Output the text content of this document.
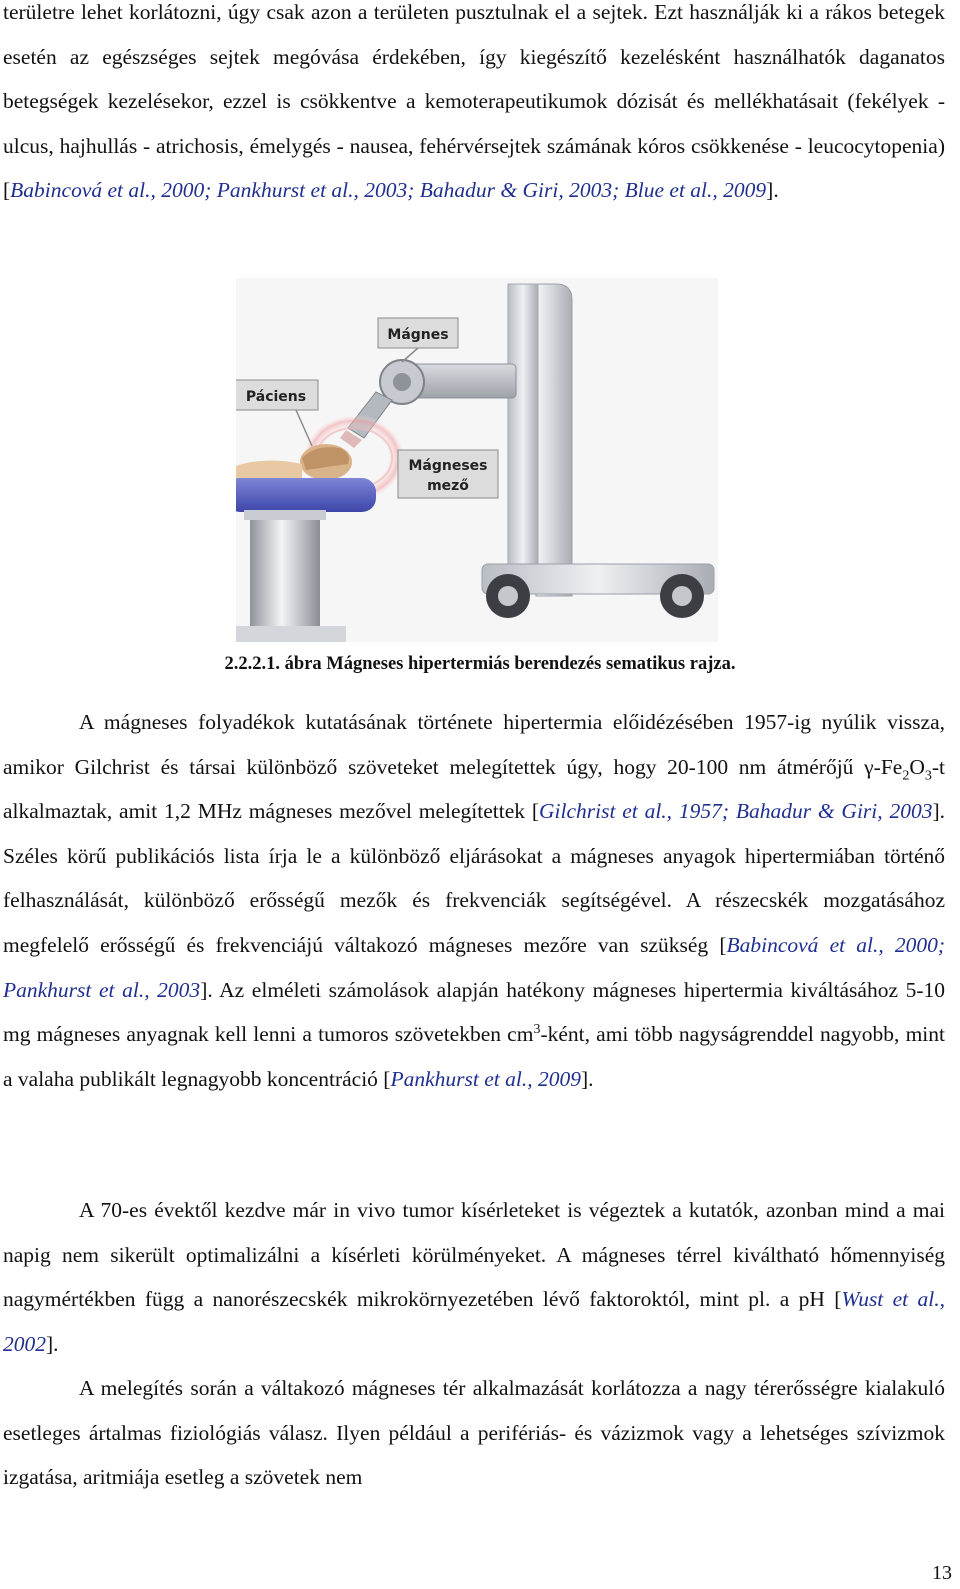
területre lehet korlátozni, úgy csak azon a területen pusztulnak el a sejtek. Ezt használják ki a rákos betegek esetén az egészséges sejtek megóvása érdekében, így kiegészítő kezelésként használhatók daganatos betegségek kezelésekor, ezzel is csökkentve a kemoterapeutikumok dózisát és mellékhatásait (fekélyek - ulcus, hajhullás - atrichosis, émelygés - nausea, fehérvérsejtek számának kóros csökkenése - leucocytopenia) [Babincová et al., 2000; Pankhurst et al., 2003; Bahadur & Giri, 2003; Blue et al., 2009].

Mágnes
Páciens
Mágneses
mező
2.2.2.1. ábra Mágneses hipertermiás berendezés sematikus rajza.

A mágneses folyadékok kutatásának története hipertermia előidézésében 1957-ig nyúlik vissza, amikor Gilchrist és társai különböző szöveteket melegítettek úgy, hogy 20-100 nm átmérőjű $\gamma-Fe_2O_3-t$ alkalmaztak, amit 1,2 MHz mágneses mezővel melegítettek [Gilchrist et al., 1957; Bahadur & Giri, 2003]. Széles körű publikációs lista írja le a különböző eljárásokat a mágneses anyagok hipertermiában történő felhasználását, különböző erősségű mezők és frekvenciák segítségével. A részecskék mozgatásához megfelelő erősségű és frekvenciájú váltakozó mágneses mezőre van szükség [Babincová et al., 2000; Pankhurst et al., 2003]. Az elméleti számolások alapján hatékony mágneses hipertermia kiváltásához 5-10 mg mágneses anyagnak kell lenni a tumoros szövetekben $cm^3$-ként, ami több nagyságrenddel nagyobb, mint a valaha publikált legnagyobb koncentráció [Pankhurst et al., 2009].

A 70-es évektől kezdve már in vivo tumor kísérleteket is végeztek a kutatók, azonban mind a mai napig nem sikerült optimalizálni a kísérleti körülményeket. A mágneses térrel kiváltható hőmennyiség nagymértékben függ a nanorészecskék mikrokörnyezetében lévő faktoroktól, mint pl. a pH [Wust et al., 2002].

A melegítés során a váltakozó mágneses tér alkalmazását korlátozza a nagy térerősségre kialakuló esetleges ártalmas fiziológiás válasz. Ilyen például a perifériás- és vázizmok vagy a lehetséges szívizmok izgatása, aritmiája esetleg a szövetek nem

13
